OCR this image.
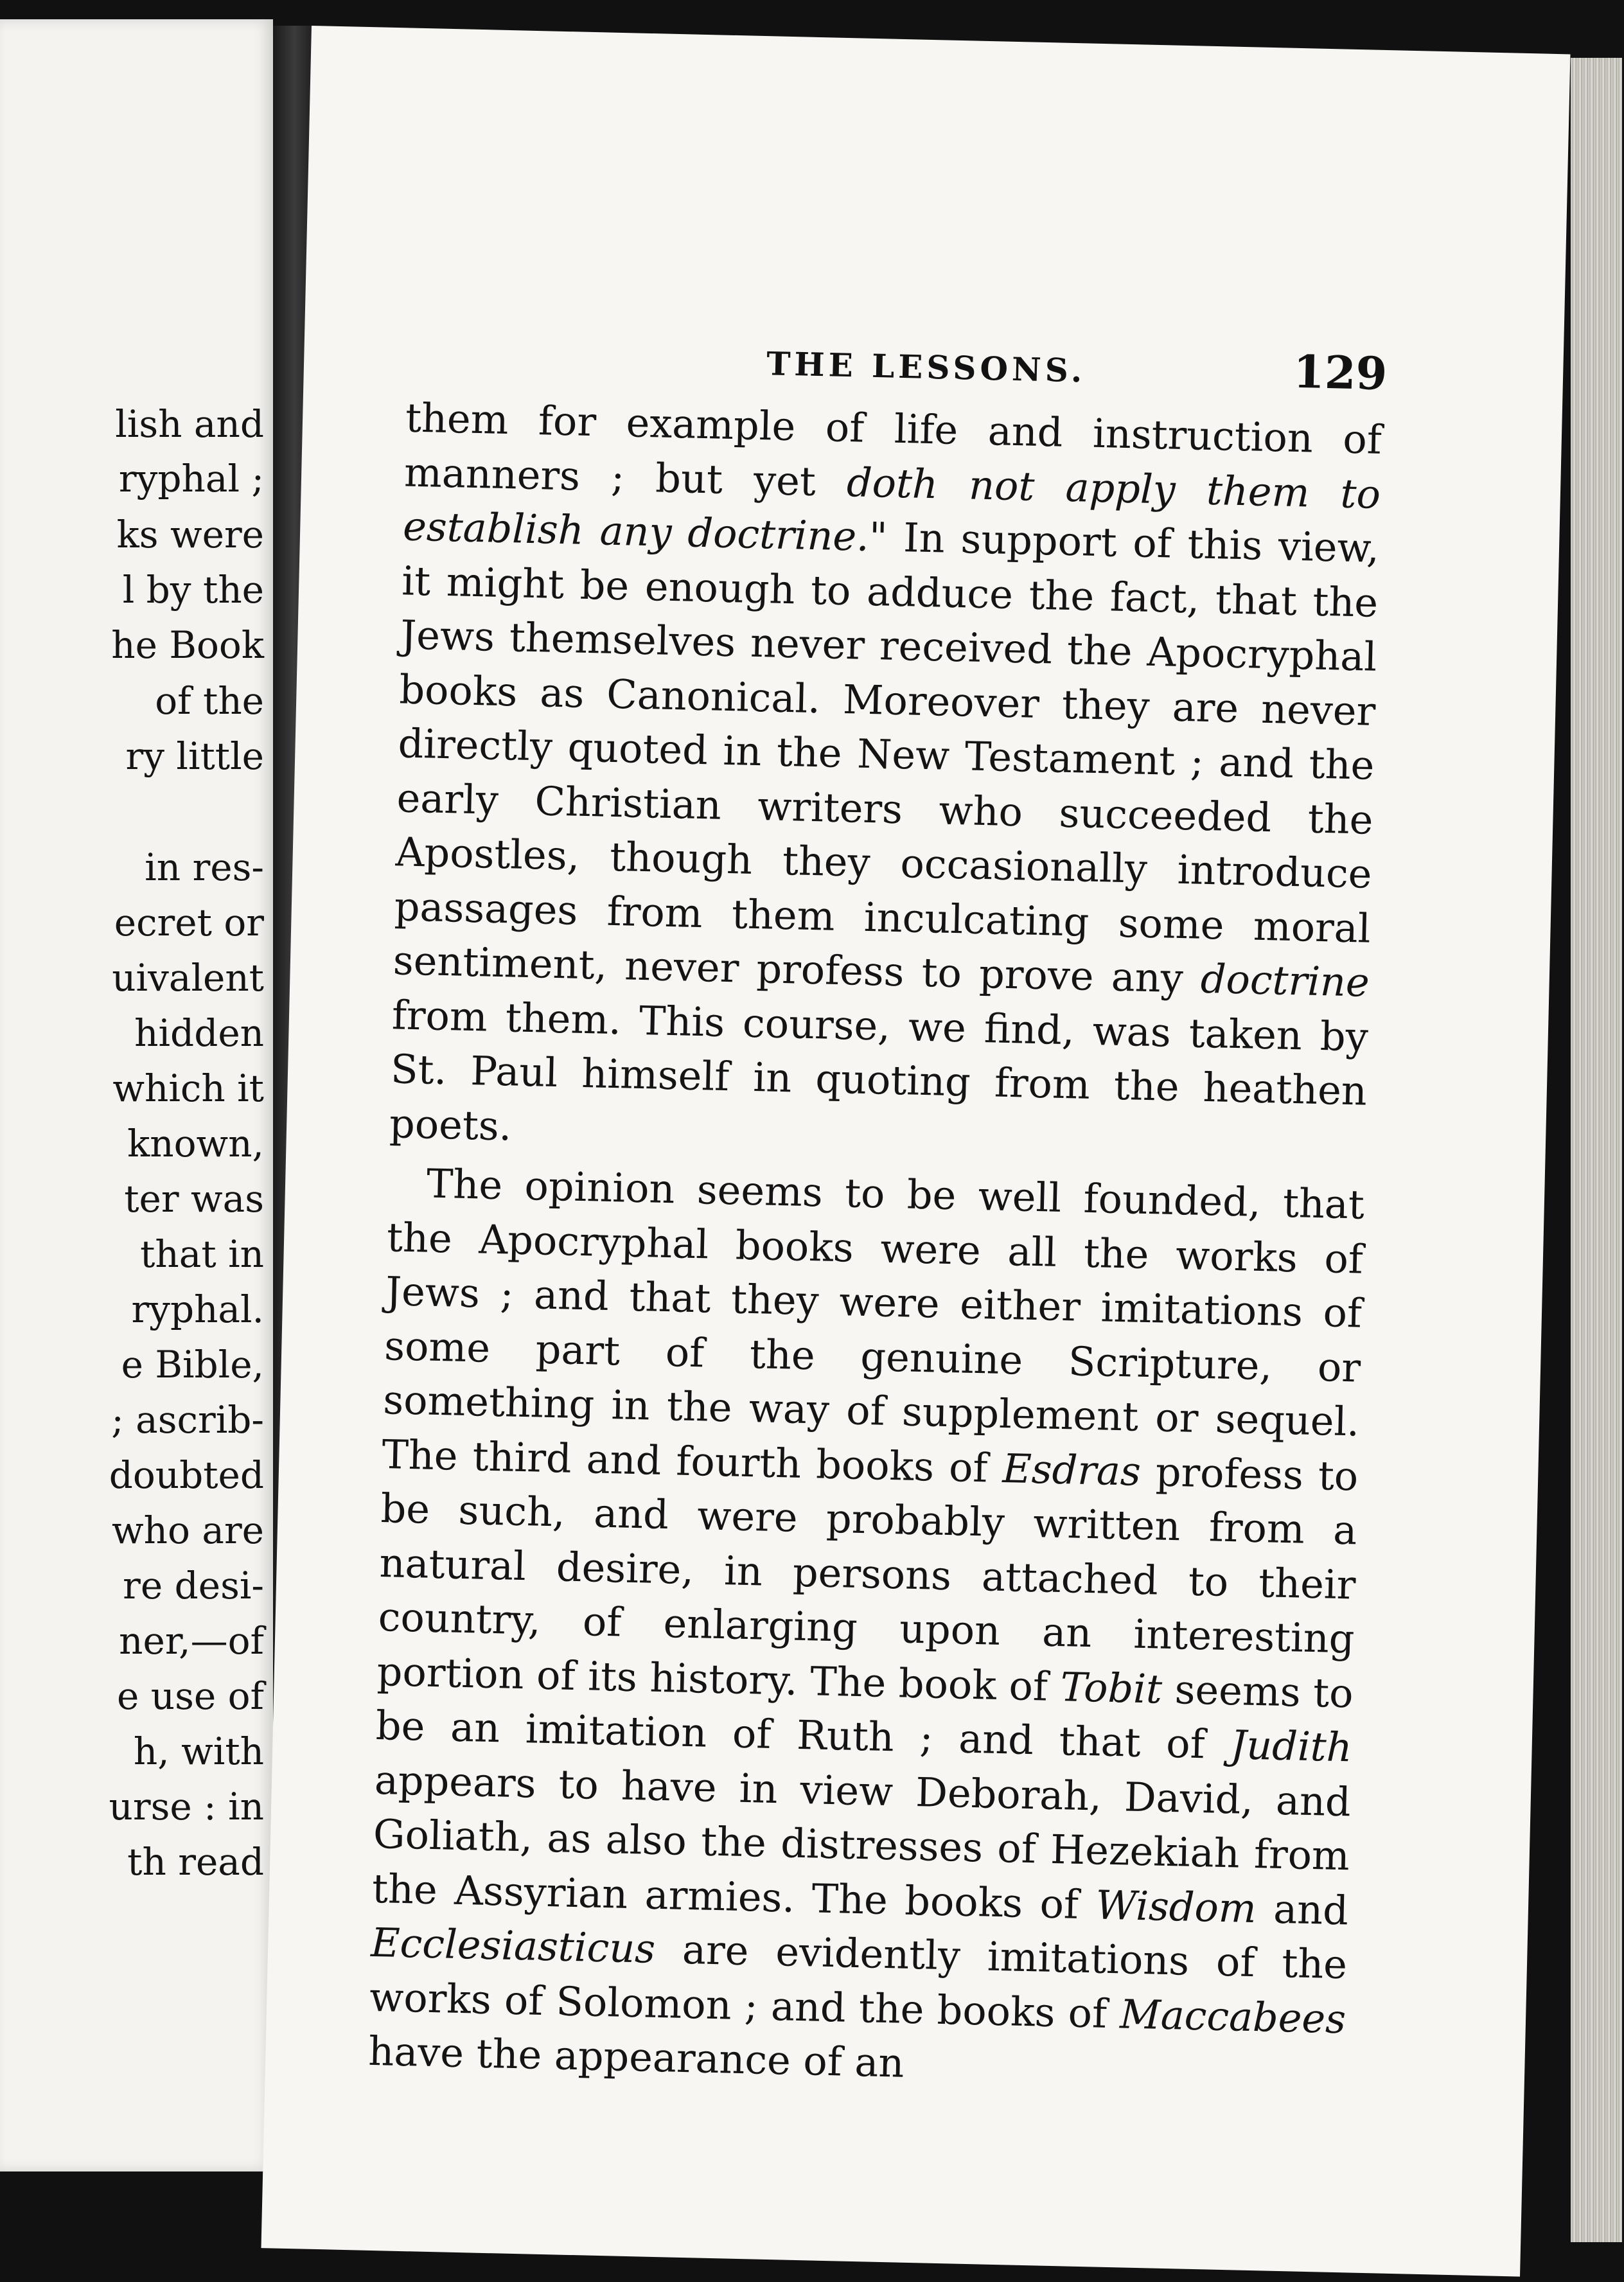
lish and
ryphal ;
ks were
l by the
he Book
of the
ry little
in res-
ecret or
uivalent
hidden
which it
known,
ter was
that in
ryphal.
e Bible,
; ascrib-
doubted
who are
re desi-
ner,—of
e use of
h, with
urse : in
th read
THE LESSONS.	129

them for example of life and instruction of manners ; but yet doth not apply them to establish any doctrine." In support of this view, it might be enough to adduce the fact, that the Jews themselves never received the Apocryphal books as Canonical. Moreover they are never directly quoted in the New Testament ; and the early Christian writers who succeeded the Apostles, though they occasionally introduce passages from them inculcating some moral sentiment, never profess to prove any doctrine from them. This course, we find, was taken by St. Paul himself in quoting from the heathen poets.

The opinion seems to be well founded, that the Apocryphal books were all the works of Jews ; and that they were either imitations of some part of the genuine Scripture, or something in the way of supplement or sequel. The third and fourth books of Esdras profess to be such, and were probably written from a natural desire, in persons attached to their country, of enlarging upon an interesting portion of its history. The book of Tobit seems to be an imitation of Ruth ; and that of Judith appears to have in view Deborah, David, and Goliath, as also the distresses of Hezekiah from the Assyrian armies. The books of Wisdom and Ecclesiasticus are evidently imitations of the works of Solomon ; and the books of Maccabees have the appearance of an
